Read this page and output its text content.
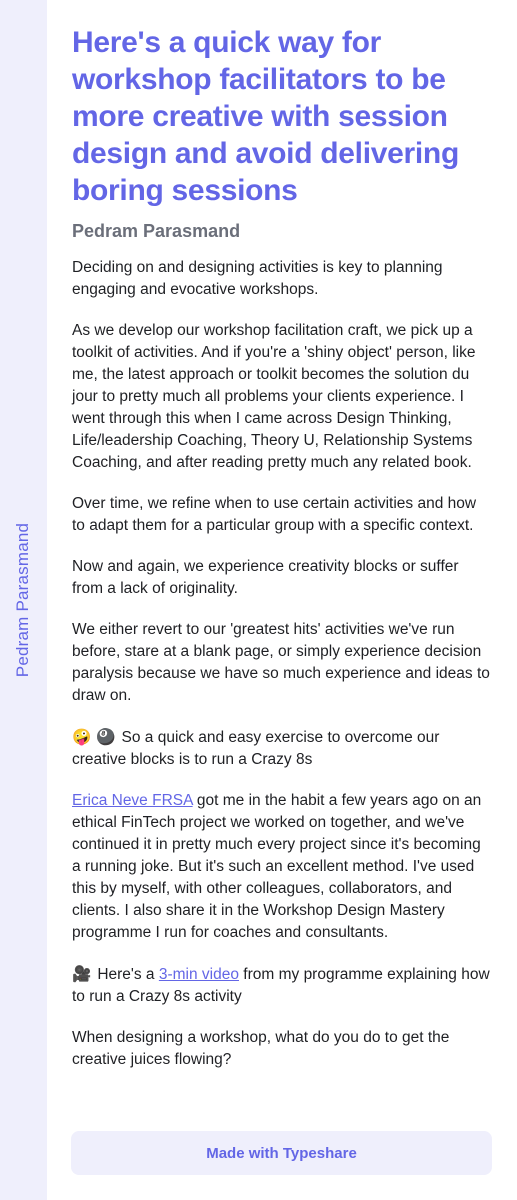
Pedram Parasmand
Here's a quick way for workshop facilitators to be more creative with session design and avoid delivering boring sessions
Pedram Parasmand

Deciding on and designing activities is key to planning engaging and evocative workshops.

As we develop our workshop facilitation craft, we pick up a toolkit of activities. And if you're a 'shiny object' person, like me, the latest approach or toolkit becomes the solution du jour to pretty much all problems your clients experience. I went through this when I came across Design Thinking, Life/leadership Coaching, Theory U, Relationship Systems Coaching, and after reading pretty much any related book.

Over time, we refine when to use certain activities and how to adapt them for a particular group with a specific context.

Now and again, we experience creativity blocks or suffer from a lack of originality.

We either revert to our 'greatest hits' activities we've run before, stare at a blank page, or simply experience decision paralysis because we have so much experience and ideas to draw on.

🤪 🎱 So a quick and easy exercise to overcome our creative blocks is to run a Crazy 8s

Erica Neve FRSA got me in the habit a few years ago on an ethical FinTech project we worked on together, and we've continued it in pretty much every project since it's becoming a running joke. But it's such an excellent method. I've used this by myself, with other colleagues, collaborators, and clients. I also share it in the Workshop Design Mastery programme I run for coaches and consultants.

🎥 Here's a 3-min video from my programme explaining how to run a Crazy 8s activity

When designing a workshop, what do you do to get the creative juices flowing?

Made with Typeshare
